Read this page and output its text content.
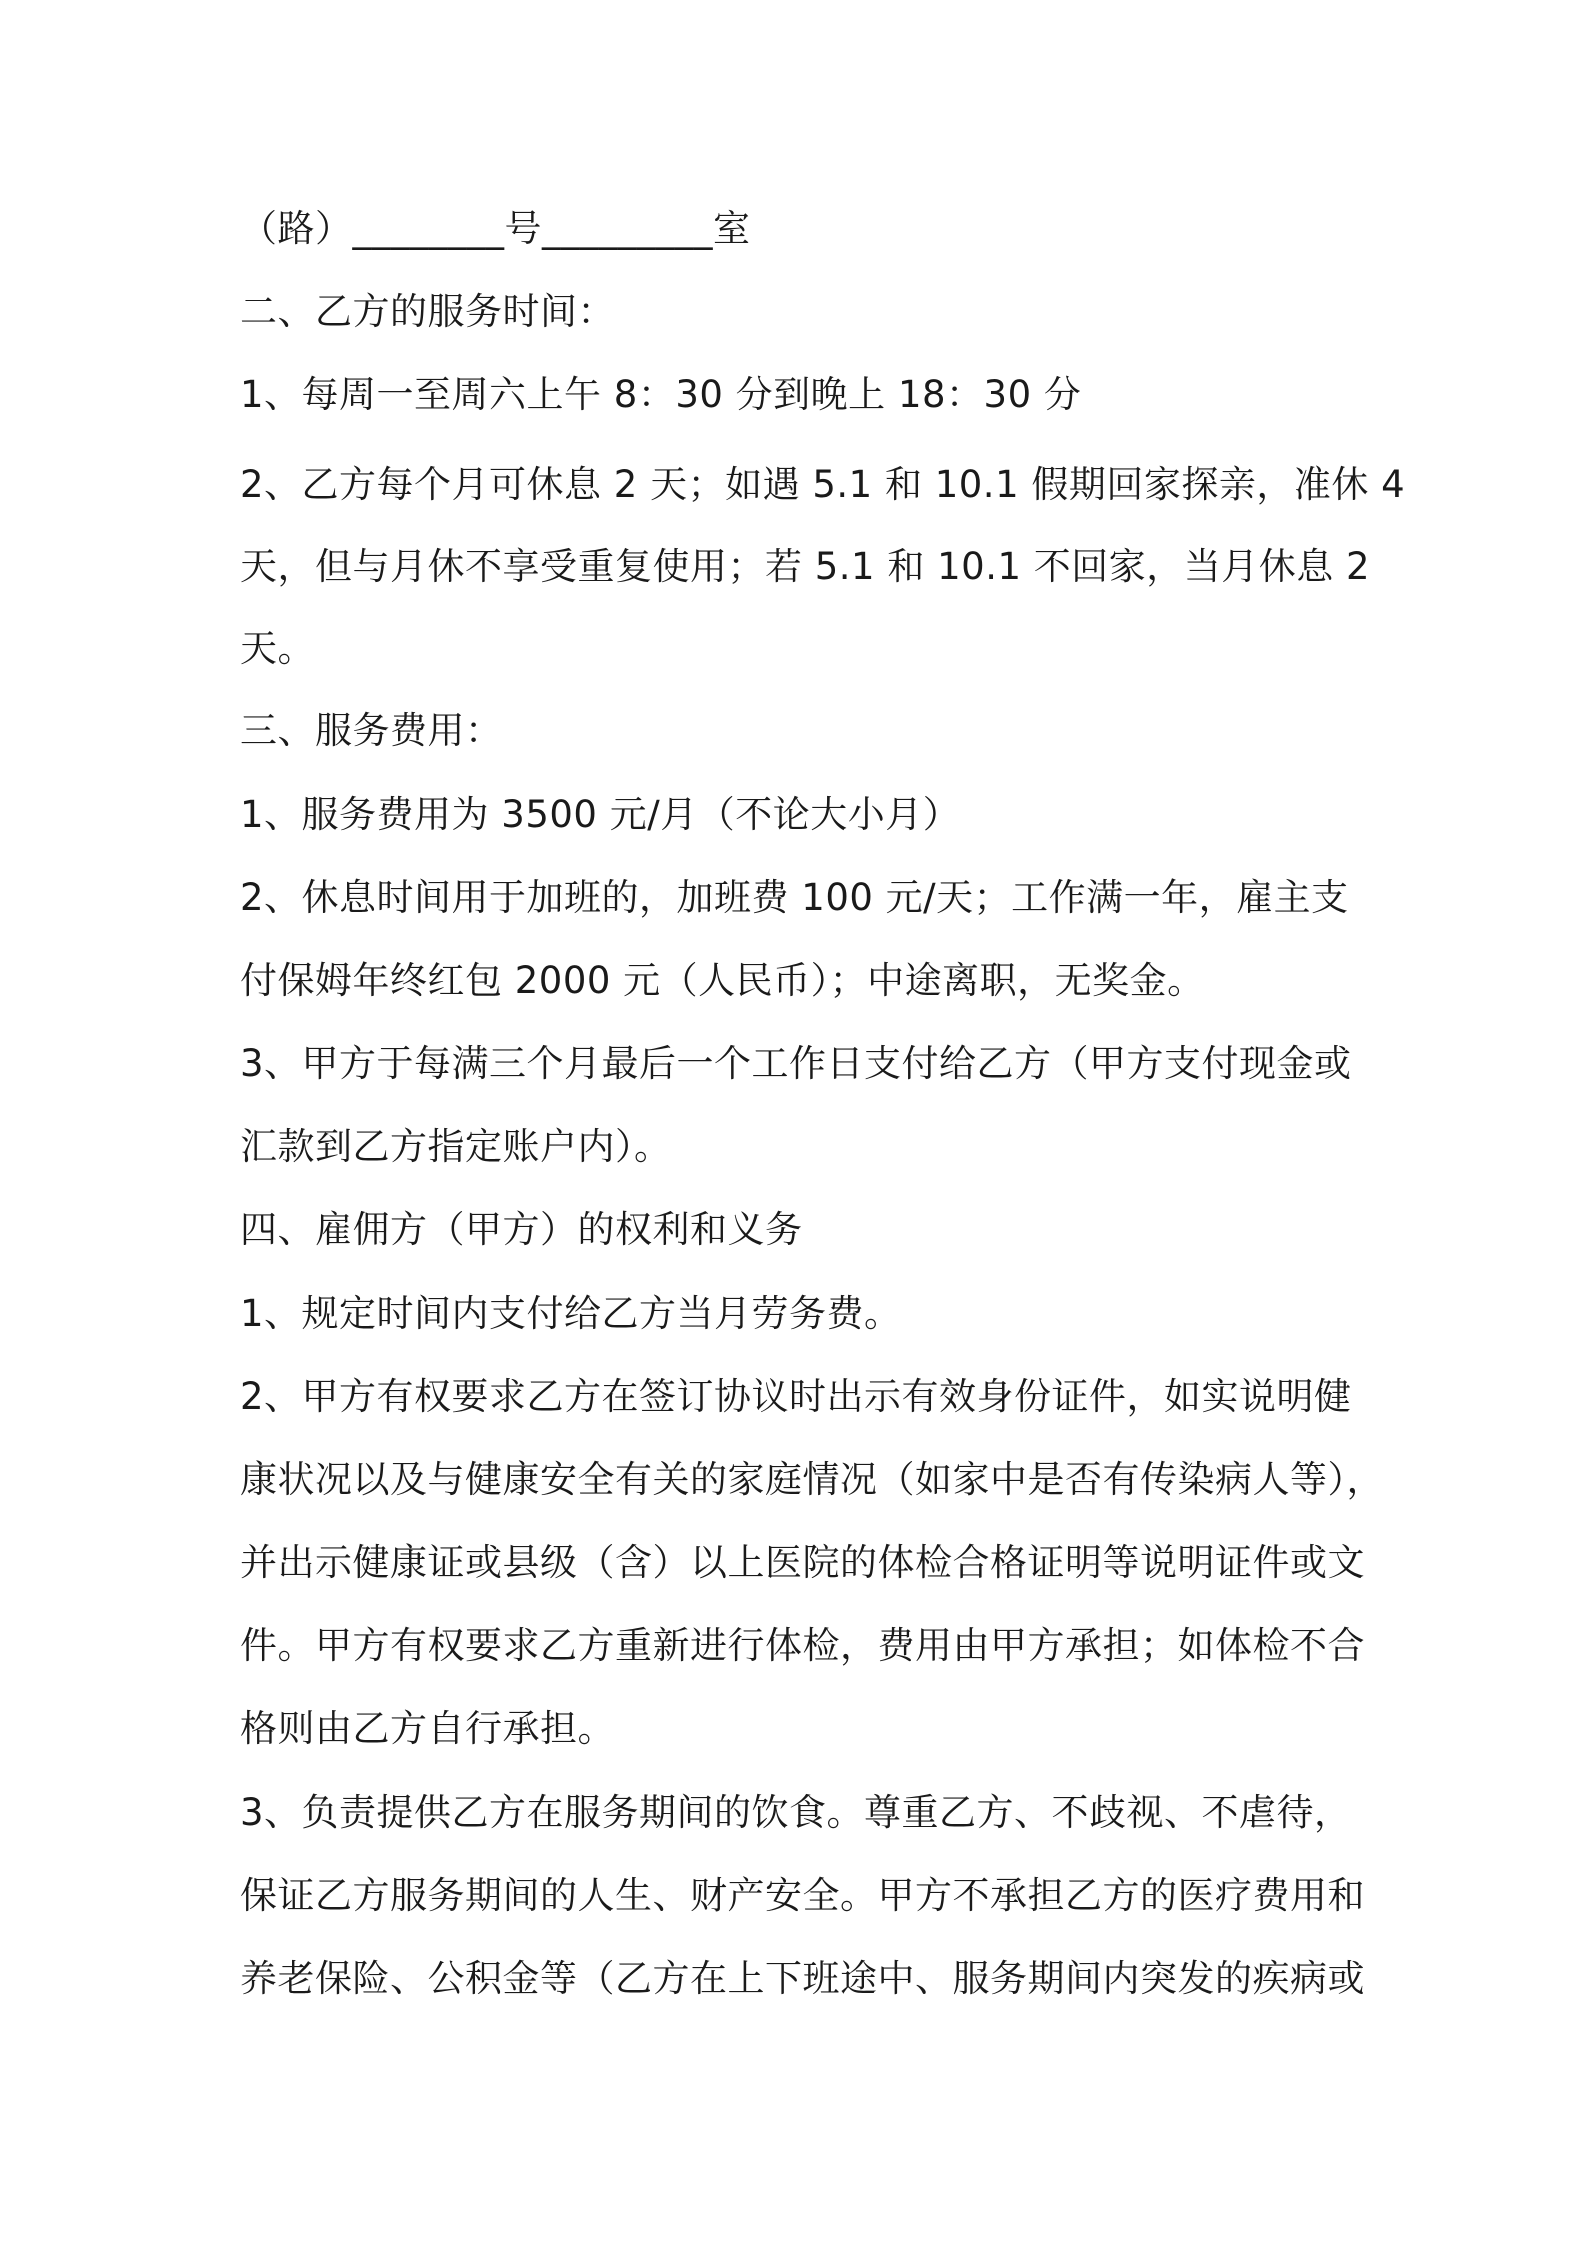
（路）________号_________室
二、乙方的服务时间：
1、每周一至周六上午 8：30 分到晚上 18：30 分
2、乙方每个月可休息 2 天；如遇 5.1 和 10.1 假期回家探亲，准休 4
天，但与月休不享受重复使用；若 5.1 和 10.1 不回家，当月休息 2
天。
三、服务费用：
1、服务费用为 3500 元/月（不论大小月）
2、休息时间用于加班的，加班费 100 元/天；工作满一年，雇主支
付保姆年终红包 2000 元（人民币）；中途离职，无奖金。
3、甲方于每满三个月最后一个工作日支付给乙方（甲方支付现金或
汇款到乙方指定账户内）。
四、雇佣方（甲方）的权利和义务
1、规定时间内支付给乙方当月劳务费。
2、甲方有权要求乙方在签订协议时出示有效身份证件，如实说明健
康状况以及与健康安全有关的家庭情况（如家中是否有传染病人等），
并出示健康证或县级（含）以上医院的体检合格证明等说明证件或文
件。甲方有权要求乙方重新进行体检，费用由甲方承担；如体检不合
格则由乙方自行承担。
3、负责提供乙方在服务期间的饮食。尊重乙方、不歧视、不虐待，
保证乙方服务期间的人生、财产安全。甲方不承担乙方的医疗费用和
养老保险、公积金等（乙方在上下班途中、服务期间内突发的疾病或
